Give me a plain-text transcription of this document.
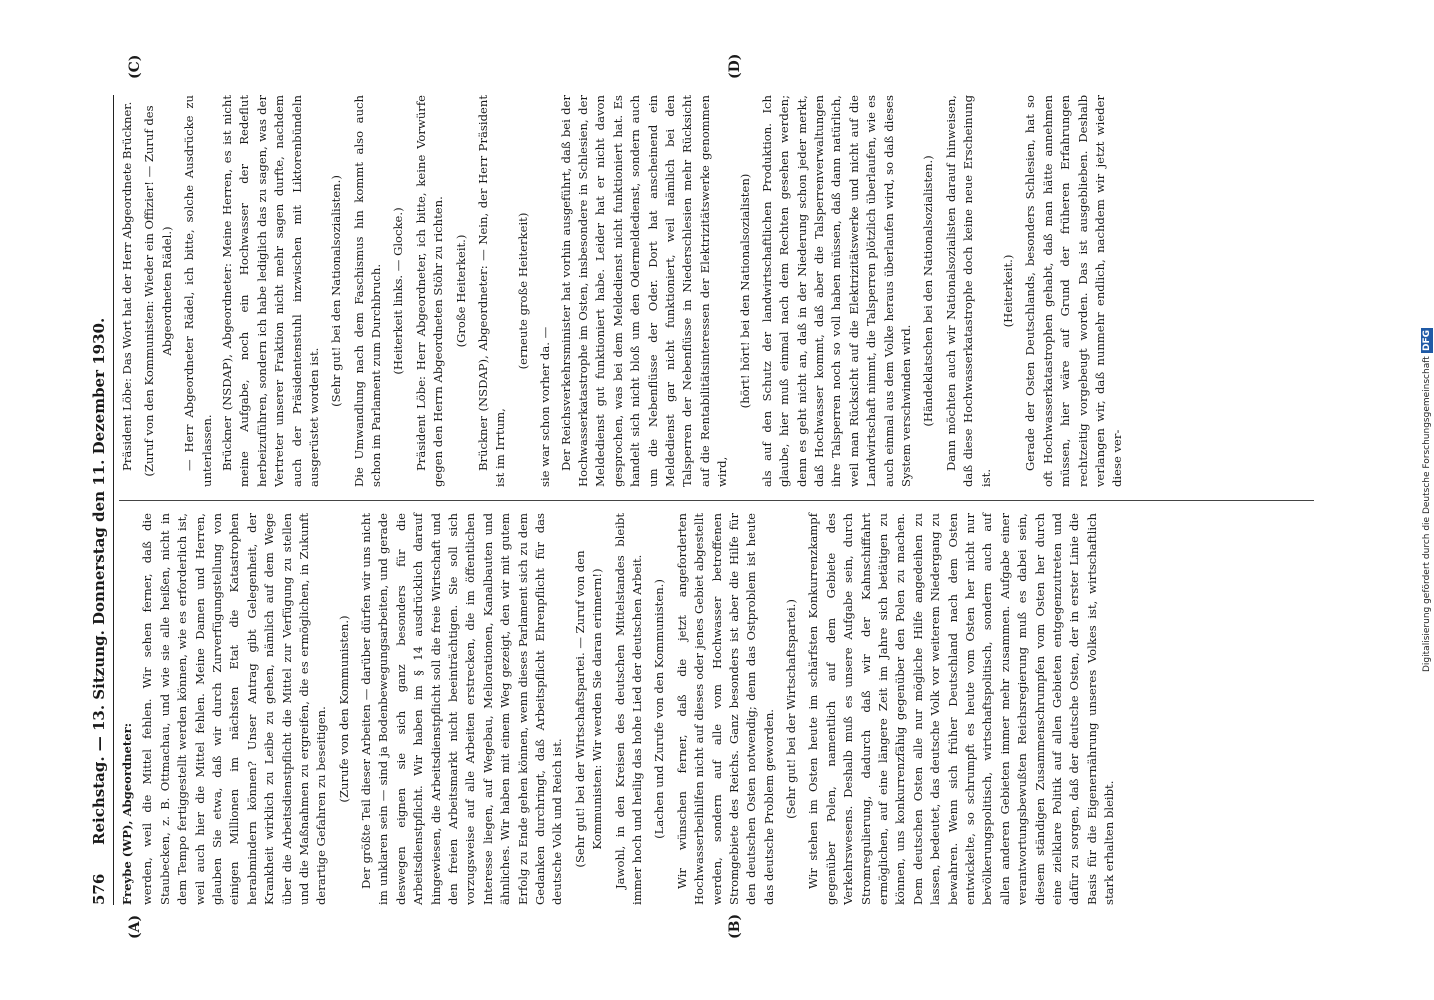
576
Reichstag. — 13. Sitzung. Donnerstag den 11. Dezember 1930.
(A)	(B)
(C)	(D)

Freybe (WP), Abgeordneter: werden, weil die Mittel fehlen. Wir sehen ferner, daß die Staubecken, z. B. Ottmachau, und wie sie alle heißen, nicht in dem Tempo fertiggestellt werden können, wie es erforderlich ist, weil auch hier die Mittel fehlen. Meine Damen und Herren, glauben Sie etwa, daß wir durch Zurverfügungstellung von einigen Millionen im nächsten Etat die Katastrophen herabmindern können? Unser Antrag gibt Gelegenheit, der Krankheit wirklich zu Leibe zu gehen, nämlich auf dem Wege über die Arbeitsdienstpflicht die Mittel zur Verfügung zu stellen und die Maßnahmen zu ergreifen, die es ermöglichen, in Zukunft derartige Gefahren zu beseitigen. (Zurufe von den Kommunisten.) Der größte Teil dieser Arbeiten — darüber dürfen wir uns nicht im unklaren sein — sind ja Bodenbewegungsarbeiten, und gerade deswegen eignen sie sich ganz besonders für die Arbeitsdienstpflicht. Wir haben im § 14 ausdrücklich darauf hingewiesen, die Arbeitsdienstpflicht soll die freie Wirtschaft und den freien Arbeitsmarkt nicht beeinträchtigen. Sie soll sich vorzugsweise auf alle Arbeiten erstrecken, die im öffentlichen Interesse liegen, auf Wegebau, Meliorationen, Kanalbauten und ähnliches. Wir haben mit einem Weg gezeigt, den wir mit gutem Erfolg zu Ende gehen können, wenn dieses Parlament sich zu dem Gedanken durchringt, daß Arbeitspflicht Ehrenpflicht für das deutsche Volk und Reich ist. (Sehr gut! bei der Wirtschaftspartei. — Zuruf von den Kommunisten: Wir werden Sie daran erinnern!) Jawohl, in den Kreisen des deutschen Mittelstandes bleibt immer hoch und heilig das hohe Lied der deutschen Arbeit. (Lachen und Zurufe von den Kommunisten.) Wir wünschen ferner, daß die jetzt angeforderten Hochwasserbeihilfen nicht auf dieses oder jenes Gebiet abgestellt werden, sondern auf alle vom Hochwasser betroffenen Stromgebiete des Reichs. Ganz besonders ist aber die Hilfe für den deutschen Osten notwendig; denn das Ostproblem ist heute das deutsche Problem geworden. (Sehr gut! bei der Wirtschaftspartei.) Wir stehen im Osten heute im schärfsten Konkurrenzkampf gegenüber Polen, namentlich auf dem Gebiete des Verkehrswesens. Deshalb muß es unsere Aufgabe sein, durch Stromregulierung, dadurch daß wir der Kahnschiffahrt ermöglichen, auf eine längere Zeit im Jahre sich betätigen zu können, uns konkurrenzfähig gegenüber den Polen zu machen. Dem deutschen Osten alle nur mögliche Hilfe angedeihen zu lassen, bedeutet, das deutsche Volk vor weiterem Niedergang zu bewahren. Wenn sich früher Deutschland nach dem Osten entwickelte, so schrumpft es heute vom Osten her nicht nur bevölkerungspolitisch, wirtschaftspolitisch, sondern auch auf allen anderen Gebieten immer mehr zusammen. Aufgabe einer verantwortungsbewußten Reichsregierung muß es dabei sein, diesem ständigen Zusammenschrumpfen vom Osten her durch eine zielklare Politik auf allen Gebieten entgegenzutreten und dafür zu sorgen, daß der deutsche Osten, der in erster Linie die Basis für die Eigenernährung unseres Volkes ist, wirtschaftlich stark erhalten bleibt.

Präsident Löbe: Das Wort hat der Herr Abgeordnete Brückner. (Zuruf von den Kommunisten: Wieder ein Offizier! — Zuruf des Abgeordneten Rädel.) — Herr Abgeordneter Rädel, ich bitte, solche Ausdrücke zu unterlassen. Brückner (NSDAP), Abgeordneter: Meine Herren, es ist nicht meine Aufgabe, noch ein Hochwasser der Redeflut herbeizuführen, sondern ich habe lediglich das zu sagen, was der Vertreter unserer Fraktion nicht mehr sagen durfte, nachdem auch der Präsidentenstuhl inzwischen mit Liktorenbündeln ausgerüstet worden ist.

(Sehr gut! bei den Nationalsozialisten.) Die Umwandlung nach dem Faschismus hin kommt also auch schon im Parlament zum Durchbruch. (Heiterkeit links. — Glocke.) Präsident Löbe: Herr Abgeordneter, ich bitte, keine Vorwürfe gegen den Herrn Abgeordneten Stöhr zu richten. (Große Heiterkeit.) Brückner (NSDAP), Abgeordneter: — Nein, der Herr Präsident ist im Irrtum,

(erneute große Heiterkeit)

sie war schon vorher da. — Der Reichsverkehrsminister hat vorhin ausgeführt, daß bei der Hochwasserkatastrophe im Osten, insbesondere in Schlesien, der Meldedienst gut funktioniert habe. Leider hat er nicht davon gesprochen, was bei dem Meldedienst nicht funktioniert hat. Es handelt sich nicht bloß um den Odermeldedienst, sondern auch um die Nebenflüsse der Oder. Dort hat anscheinend ein Meldedienst gar nicht funktioniert, weil nämlich bei den Talsperren der Nebenflüsse in Niederschlesien mehr Rücksicht auf die Rentabilitätsinteressen der Elektrizitätswerke genommen wird,

(hört! hört! bei den Nationalsozialisten) als auf den Schutz der landwirtschaftlichen Produktion. Ich glaube, hier muß einmal nach dem Rechten gesehen werden; denn es geht nicht an, daß in der Niederung schon jeder merkt, daß Hochwasser kommt, daß aber die Talsperrenverwaltungen ihre Talsperren noch so voll haben müssen, daß dann natürlich, weil man Rücksicht auf die Elektrizitätswerke und nicht auf die Landwirtschaft nimmt, die Talsperren plötzlich überlaufen, wie es auch einmal aus dem Volke heraus überlaufen wird, so daß dieses System verschwinden wird. (Händeklatschen bei den Nationalsozialisten.) Dann möchten auch wir Nationalsozialisten darauf hinweisen, daß diese Hochwasserkatastrophe doch keine neue Erscheinung ist.

(Heiterkeit.) Gerade der Osten Deutschlands, besonders Schlesien, hat so oft Hochwasserkatastrophen gehabt, daß man hätte annehmen müssen, hier wäre auf Grund der früheren Erfahrungen rechtzeitig vorgebeugt worden. Das ist ausgeblieben. Deshalb verlangen wir, daß nunmehr endlich, nachdem wir jetzt wieder diese ver-	Digitalisierung gefördert durch die Deutsche Forschungsgemeinschaft
DFG
